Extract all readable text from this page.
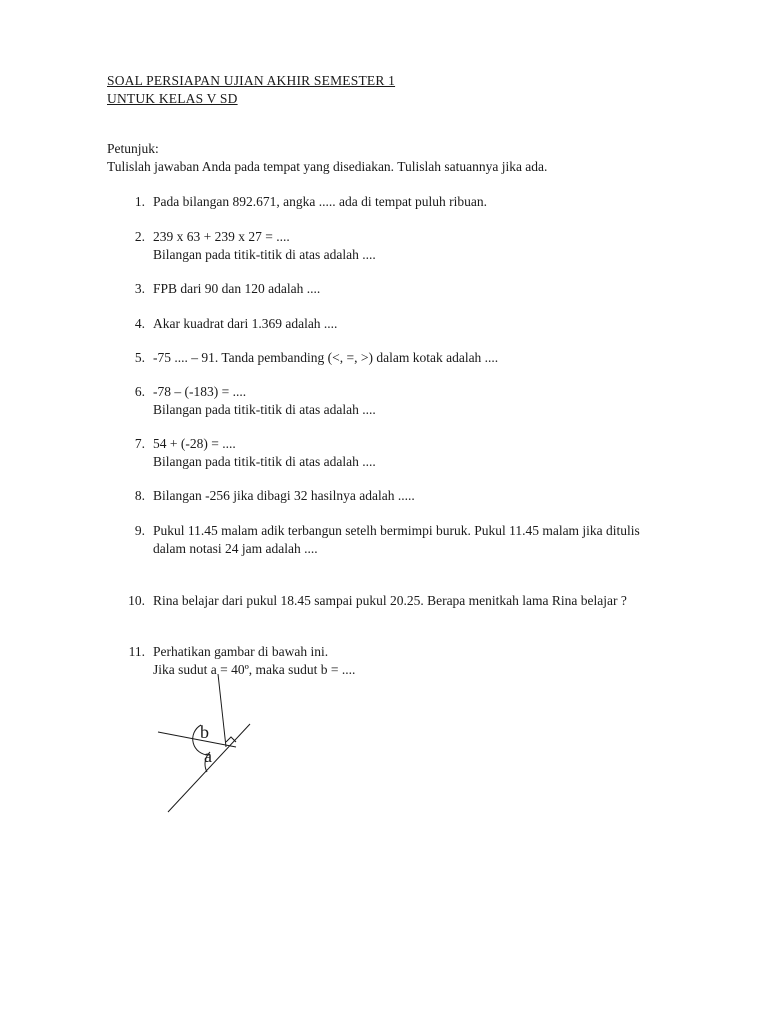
SOAL PERSIAPAN UJIAN AKHIR SEMESTER 1
UNTUK KELAS V SD
Petunjuk:
Tulislah jawaban Anda pada tempat yang disediakan. Tulislah satuannya jika ada.
1. Pada bilangan 892.671, angka ..... ada di tempat puluh ribuan.
2. 239 x 63 + 239 x 27 = ....
Bilangan pada titik-titik di atas adalah ....
3. FPB dari 90 dan 120 adalah ....
4. Akar kuadrat dari 1.369 adalah ....
5. -75 .... – 91. Tanda pembanding (<, =, >) dalam kotak adalah ....
6. -78 – (-183) = ....
Bilangan pada titik-titik di atas adalah ....
7. 54 + (-28) = ....
Bilangan pada titik-titik di atas adalah ....
8. Bilangan -256 jika dibagi 32 hasilnya adalah .....
9. Pukul 11.45 malam adik terbangun setelh bermimpi buruk. Pukul 11.45 malam jika ditulis
dalam notasi 24 jam adalah ....
10. Rina belajar dari pukul 18.45 sampai pukul 20.25. Berapa menitkah lama Rina belajar ?
11. Perhatikan gambar di bawah ini.
Jika sudut a = 40º, maka sudut b = ....
b
a
